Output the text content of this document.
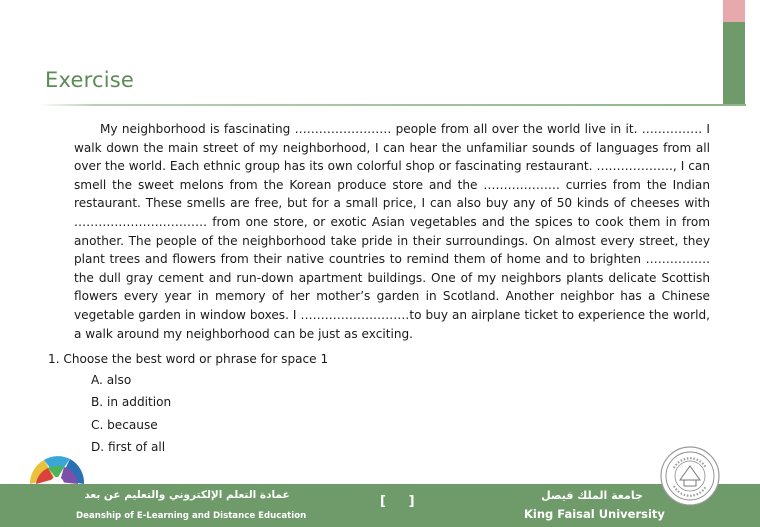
Exercise

My neighborhood is fascinating …………………… people from all over the world live in it. …………… I walk down the main street of my neighborhood, I can hear the unfamiliar sounds of languages from all over the world. Each ethnic group has its own colorful shop or fascinating restaurant. ………………., I can smell the sweet melons from the Korean produce store and the ………………. curries from the Indian restaurant. These smells are free, but for a small price, I can also buy any of 50 kinds of cheeses with …………………………… from one store, or exotic Asian vegetables and the spices to cook them in from another. The people of the neighborhood take pride in their surroundings. On almost every street, they plant trees and flowers from their native countries to remind them of home and to brighten ……………. the dull gray cement and run-down apartment buildings. One of my neighbors plants delicate Scottish flowers every year in memory of her mother’s garden in Scotland. Another neighbor has a Chinese vegetable garden in window boxes. I ………………………to buy an airplane ticket to experience the world, a walk around my neighborhood can be just as exciting.

1. Choose the best word or phrase for space 1
A. also
B. in addition
C. because
D. first of all
عمادة التعلم الإلكتروني والتعليم عن بعد
Deanship of E-Learning and Distance Education
[     ]	جامعة الملك فيصل
King Faisal University
